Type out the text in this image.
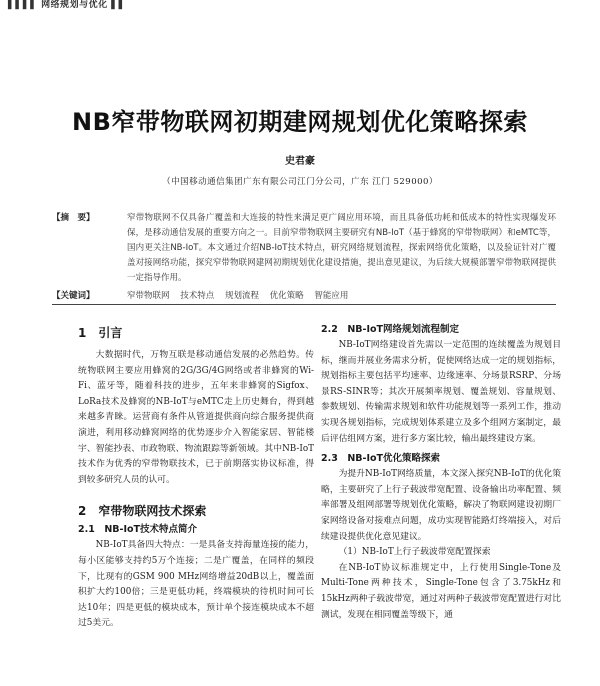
▌▌▌▌ 网络规划与优化 ▌▌
NB窄带物联网初期建网规划优化策略探索
史君豪
（中国移动通信集团广东有限公司江门分公司，广东 江门 529000）
【摘　要】	窄带物联网不仅具备广覆盖和大连接的特性来满足更广阔应用环境，而且具备低功耗和低成本的特性实现爆发环保，是移动通信发展的重要方向之一。目前窄带物联网主要研究有NB-IoT（基于蜂窝的窄带物联网）和eMTC等，国内更关注NB-IoT。本文通过介绍NB-IoT技术特点，研究网络规划流程，探索网络优化策略，以及验证针对广覆盖对接网络功能，探究窄带物联网建网初期规划优化建设措施，提出意见建议，为后续大规模部署窄带物联网提供一定指导作用。
【关键词】	窄带物联网 技术特点 规划流程 优化策略 智能应用
1　引言

大数据时代，万物互联是移动通信发展的必然趋势。传统物联网主要应用蜂窝的2G/3G/4G网络或者非蜂窝的Wi-Fi、蓝牙等，随着科技的进步，五年来非蜂窝的Sigfox、LoRa技术及蜂窝的NB-IoT与eMTC走上历史舞台，得到越来越多青睐。运营商有条件从管道提供商向综合服务提供商演进，利用移动蜂窝网络的优势逐步介入智能家居、智能楼宇、智能抄表、市政物联、物流跟踪等新领域。其中NB-IoT技术作为优秀的窄带物联技术，已于前期落实协议标准，得到较多研究人员的认可。

2　窄带物联网技术探索
2.1　NB-IoT技术特点简介

NB-IoT具备四大特点：一是具备支持海量连接的能力，每小区能够支持约5万个连接；二是广覆盖，在同样的频段下，比现有的GSM 900 MHz网络增益20dB以上，覆盖面积扩大约100倍；三是更低功耗，终端模块的待机时间可长达10年；四是更低的模块成本，预计单个接连模块成本不超过5美元。

2.2　NB-IoT网络规划流程制定

NB-IoT网络建设首先需以一定范围的连续覆盖为规划目标，继而并展业务需求分析，促使网络达成一定的规划指标，规划指标主要包括平均速率、边缘速率、分场景RSRP、分场景RS-SINR等；其次开展频率规划、覆盖规划、容量规划、参数规划、传输需求规划和软件功能规划等一系列工作，推动实现各规划指标，完成规划体系建立及多个组网方案制定，最后评估组网方案，进行多方案比较，输出最终建设方案。

2.3　NB-IoT优化策略探索

为提升NB-IoT网络质量，本文深入探究NB-IoT的优化策略，主要研究了上行子载波带宽配置、设备输出功率配置、频率部署及组网部署等规划优化策略，解决了物联网建设初期厂家网络设备对接难点问题，成功实现智能路灯终端接入，对后续建设提供优化意见建议。

（1）NB-IoT上行子载波带宽配置探索

在NB-IoT协议标准规定中，上行使用Single-Tone及Multi-Tone两种技术，Single-Tone包含了3.75kHz和15kHz两种子载波带宽，通过对两种子载波带宽配置进行对比测试，发现在相同覆盖等级下，通
